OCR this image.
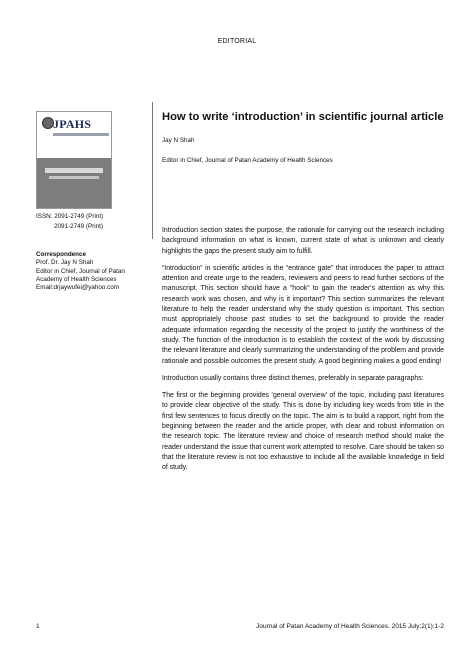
EDITORIAL
JPAHS
ISSN: 2091-2749 (Print)
2091-2749 (Print)
Correspondence
Prof. Dr. Jay N Shah
Editor in Chief, Journal of Patan
Academy of Health Sciences
Email:drjaywufei@yahoo.com
How to write ‘introduction’ in scientific journal article
Jay N Shah
Editor in Chief, Journal of Patan Academy of Health Sciences

Introduction section states the purpose, the rationale for carrying out the research including background information on what is known, current state of what is unknown and clearly highlights the gaps the present study aim to fulfill.

“Introduction” in scientific articles is the “entrance gate” that introduces the paper to attract attention and create urge to the readers, reviewers and peers to read further sections of the manuscript. This section should have a "hook" to gain the reader's attention as why this research work was chosen, and why is it important? This section summarizes the relevant literature to help the reader understand why the study question is important. This section must appropriately choose past studies to set the background to provide the reader adequate information regarding the necessity of the project to justify the worthiness of the study. The function of the introduction is to establish the context of the work by discussing the relevant literature and clearly summarizing the understanding of the problem and provide rationale and possible outcomes the present study. A good beginning makes a good ending!

Introduction usually contains three distinct themes, preferably in separate paragraphs:

The first or the beginning provides ‘general overview’ of the topic, including past literatures to provide clear objective of the study. This is done by including key words from title in the first few sentences to focus directly on the topic. The aim is to build a rapport, right from the beginning between the reader and the article proper, with clear and robust information on the research topic. The literature review and choice of research method should make the reader understand the issue that current work attempted to resolve. Care should be taken so that the literature review is not too exhaustive to include all the available knowledge in field of study.

1	Journal of Patan Academy of Health Sciences. 2015 July;2(1):1-2
